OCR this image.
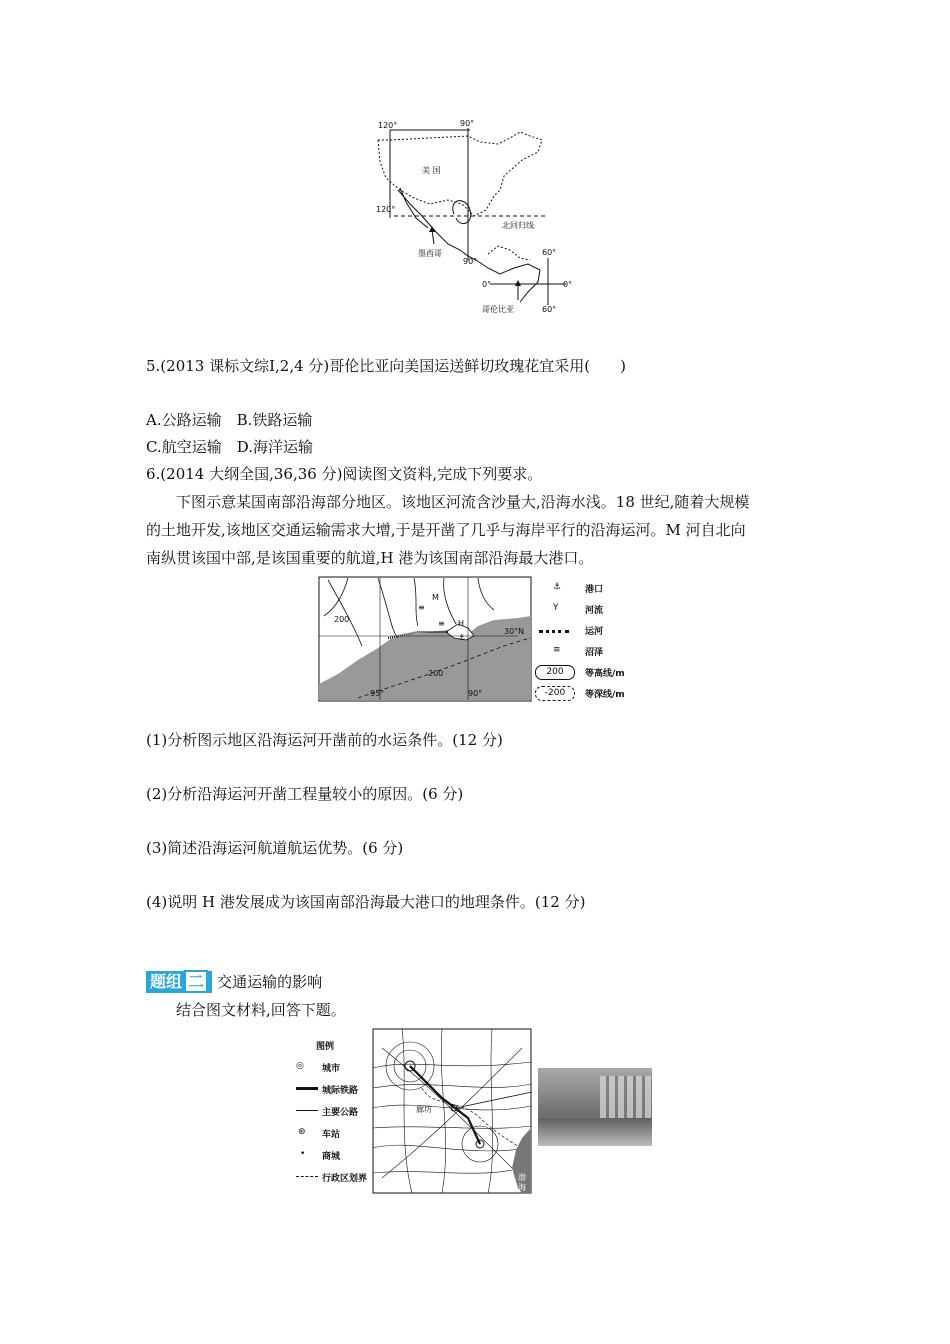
120°	90°
美 国
120°
北回归线
墨西哥
90°
60°
0°	0°
哥伦比亚	60°
5.(2013 课标文综Ⅰ,2,4 分)哥伦比亚向美国运送鲜切玫瑰花宜采用(　　)
A.公路运输　B.铁路运输
C.航空运输　D.海洋运输
6.(2014 大纲全国,36,36 分)阅读图文资料,完成下列要求。
下图示意某国南部沿海部分地区。该地区河流含沙量大,沿海水浅。18 世纪,随着大规模
的土地开发,该地区交通运输需求大增,于是开凿了几乎与海岸平行的沿海运河。M 河自北向
南纵贯该国中部,是该国重要的航道,H 港为该国南部沿海最大港口。
≡
≡
⚓
200
M
H
30°N
200
95°	90°
⚓	港口
Y	河流
运河
≡	沼泽
200	等高线/m
-200	等深线/m
(1)分析图示地区沿海运河开凿前的水运条件。(12 分)
(2)分析沿海运河开凿工程量较小的原因。(6 分)
(3)简述沿海运河航道航运优势。(6 分)
(4)说明 H 港发展成为该国南部沿海最大港口的地理条件。(12 分)
题组 二 交通运输的影响
结合图文材料,回答下题。
图例
◎ 城市
城际铁路
主要公路
⊛ 车站
• 商城
行政区划界
廊坊
渤
海
